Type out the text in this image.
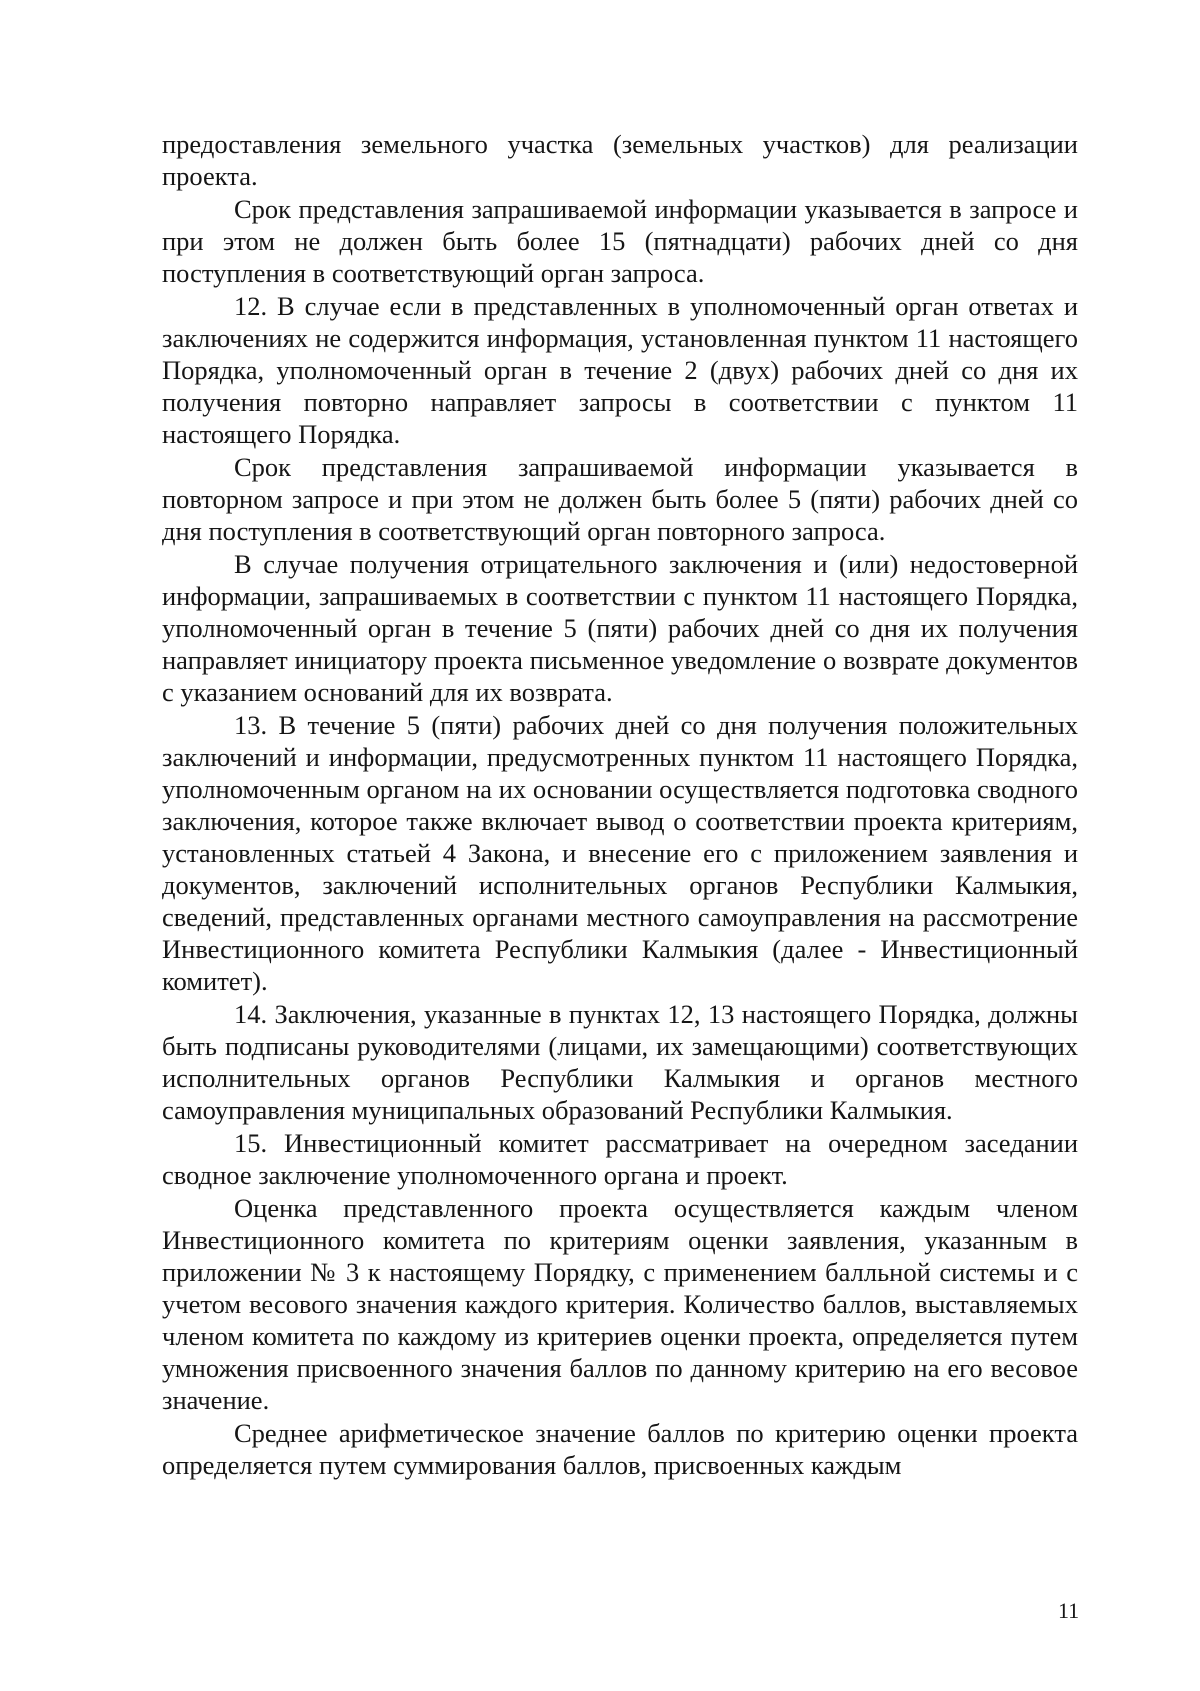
предоставления земельного участка (земельных участков) для реализации проекта.

Срок представления запрашиваемой информации указывается в запросе и при этом не должен быть более 15 (пятнадцати) рабочих дней со дня поступления в соответствующий орган запроса.

12. В случае если в представленных в уполномоченный орган ответах и заключениях не содержится информация, установленная пунктом 11 настоящего Порядка, уполномоченный орган в течение 2 (двух) рабочих дней со дня их получения повторно направляет запросы в соответствии с пунктом 11 настоящего Порядка.

Срок представления запрашиваемой информации указывается в повторном запросе и при этом не должен быть более 5 (пяти) рабочих дней со дня поступления в соответствующий орган повторного запроса.

В случае получения отрицательного заключения и (или) недостоверной информации, запрашиваемых в соответствии с пунктом 11 настоящего Порядка, уполномоченный орган в течение 5 (пяти) рабочих дней со дня их получения направляет инициатору проекта письменное уведомление о возврате документов с указанием оснований для их возврата.

13. В течение 5 (пяти) рабочих дней со дня получения положительных заключений и информации, предусмотренных пунктом 11 настоящего Порядка, уполномоченным органом на их основании осуществляется подготовка сводного заключения, которое также включает вывод о соответствии проекта критериям, установленных статьей 4 Закона, и внесение его с приложением заявления и документов, заключений исполнительных органов Республики Калмыкия, сведений, представленных органами местного самоуправления на рассмотрение Инвестиционного комитета Республики Калмыкия (далее - Инвестиционный комитет).

14. Заключения, указанные в пунктах 12, 13 настоящего Порядка, должны быть подписаны руководителями (лицами, их замещающими) соответствующих исполнительных органов Республики Калмыкия и органов местного самоуправления муниципальных образований Республики Калмыкия.

15. Инвестиционный комитет рассматривает на очередном заседании сводное заключение уполномоченного органа и проект.

Оценка представленного проекта осуществляется каждым членом Инвестиционного комитета по критериям оценки заявления, указанным в приложении № 3 к настоящему Порядку, с применением балльной системы и с учетом весового значения каждого критерия. Количество баллов, выставляемых членом комитета по каждому из критериев оценки проекта, определяется путем умножения присвоенного значения баллов по данному критерию на его весовое значение.

Среднее арифметическое значение баллов по критерию оценки проекта определяется путем суммирования баллов, присвоенных каждым

11
